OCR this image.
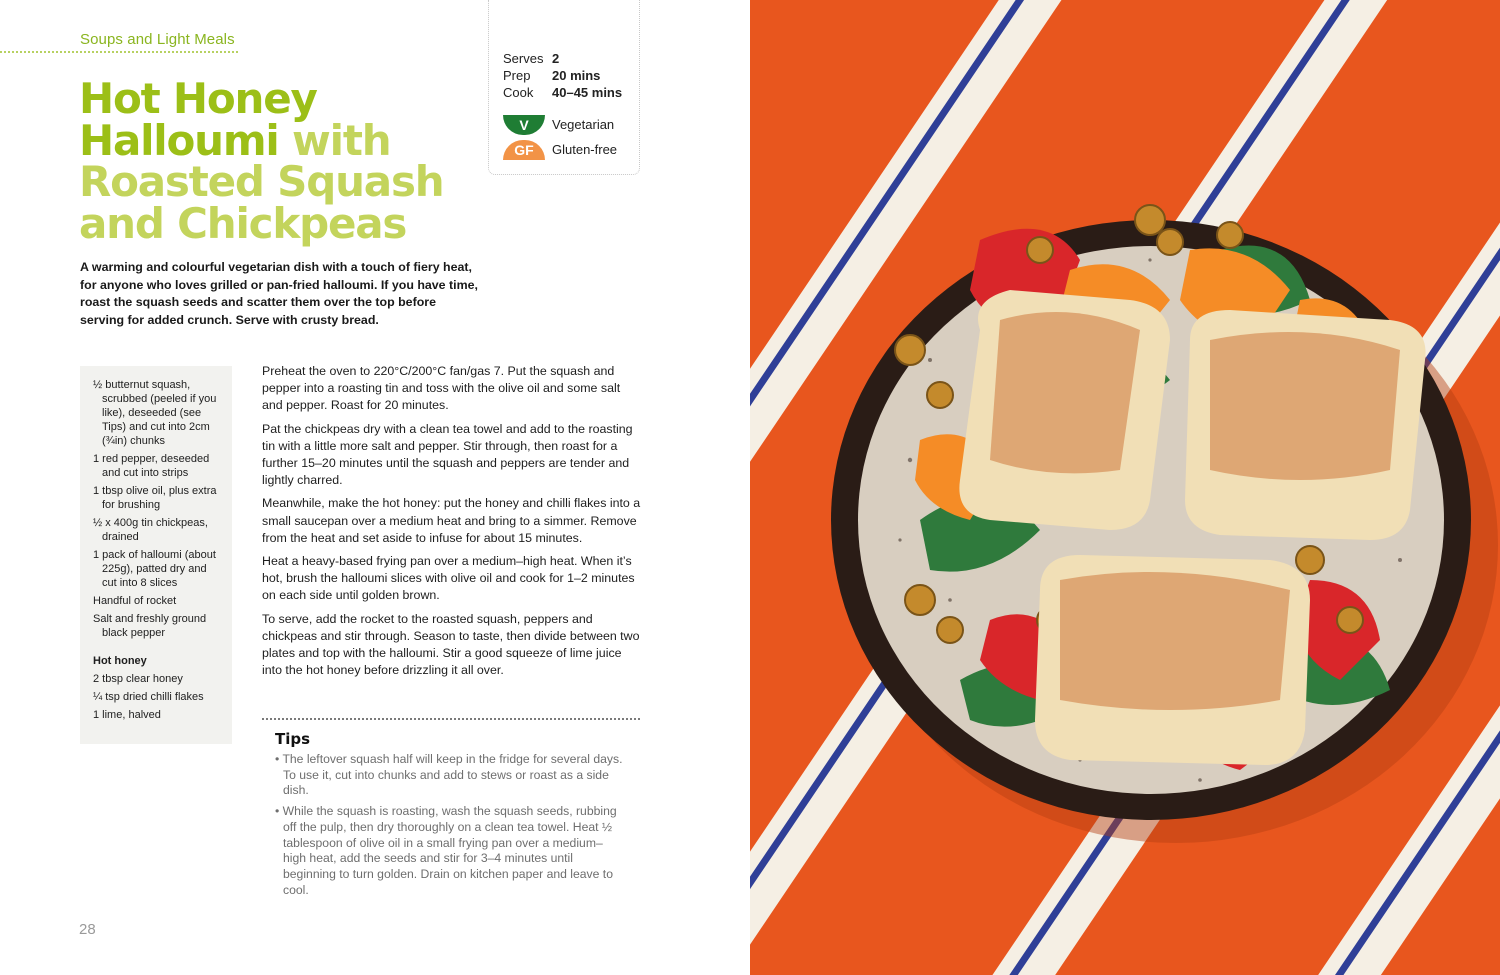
Soups and Light Meals
Hot Honey Halloumi with Roasted Squash and Chickpeas

A warming and colourful vegetarian dish with a touch of fiery heat, for anyone who loves grilled or pan-fried halloumi. If you have time, roast the squash seeds and scatter them over the top before serving for added crunch. Serve with crusty bread.

Serves 2
Prep 20 mins
Cook 40–45 mins
V	Vegetarian
GF	Gluten-free
½ butternut squash, scrubbed (peeled if you like), deseeded (see Tips) and cut into 2cm (¾in) chunks
1 red pepper, deseeded and cut into strips
1 tbsp olive oil, plus extra for brushing
½ x 400g tin chickpeas, drained
1 pack of halloumi (about 225g), patted dry and cut into 8 slices
Handful of rocket
Salt and freshly ground black pepper
Hot honey
2 tbsp clear honey
¼ tsp dried chilli flakes
1 lime, halved

Preheat the oven to 220°C/200°C fan/gas 7. Put the squash and pepper into a roasting tin and toss with the olive oil and some salt and pepper. Roast for 20 minutes.

Pat the chickpeas dry with a clean tea towel and add to the roasting tin with a little more salt and pepper. Stir through, then roast for a further 15–20 minutes until the squash and peppers are tender and lightly charred.

Meanwhile, make the hot honey: put the honey and chilli flakes into a small saucepan over a medium heat and bring to a simmer. Remove from the heat and set aside to infuse for about 15 minutes.

Heat a heavy-based frying pan over a medium–high heat. When it’s hot, brush the halloumi slices with olive oil and cook for 1–2 minutes on each side until golden brown.

To serve, add the rocket to the roasted squash, peppers and chickpeas and stir through. Season to taste, then divide between two plates and top with the halloumi. Stir a good squeeze of lime juice into the hot honey before drizzling it all over.

Tips
• The leftover squash half will keep in the fridge for several days. To use it, cut into chunks and add to stews or roast as a side dish.
• While the squash is roasting, wash the squash seeds, rubbing off the pulp, then dry thoroughly on a clean tea towel. Heat ½ tablespoon of olive oil in a small frying pan over a medium–high heat, add the seeds and stir for 3–4 minutes until beginning to turn golden. Drain on kitchen paper and leave to cool.
28
